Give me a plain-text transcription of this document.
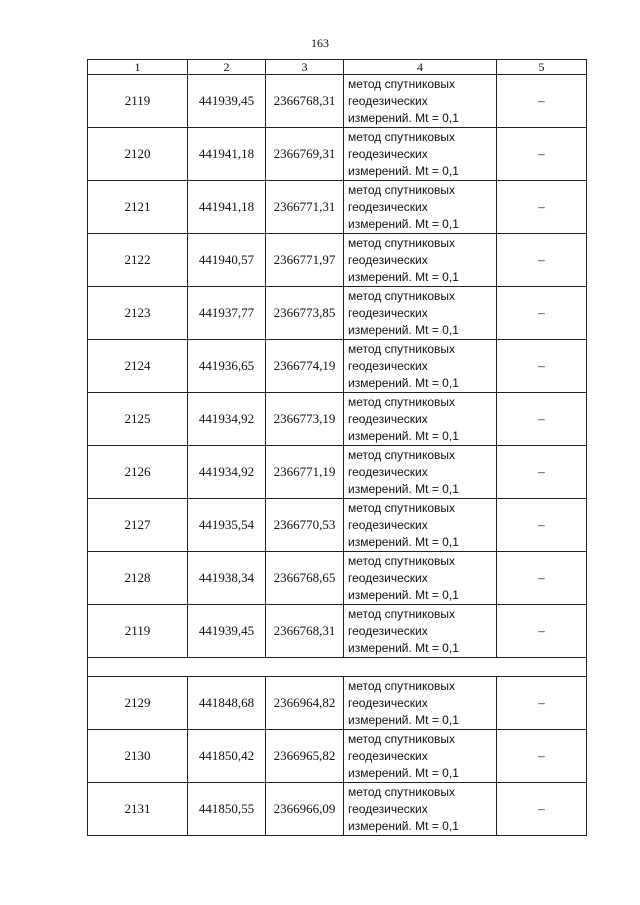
163
1	2	3	4	5
2119	441939,45	2366768,31	метод спутниковых
геодезических
измерений. Mt = 0,1	–
2120	441941,18	2366769,31	метод спутниковых
геодезических
измерений. Mt = 0,1	–
2121	441941,18	2366771,31	метод спутниковых
геодезических
измерений. Mt = 0,1	–
2122	441940,57	2366771,97	метод спутниковых
геодезических
измерений. Mt = 0,1	–
2123	441937,77	2366773,85	метод спутниковых
геодезических
измерений. Mt = 0,1	–
2124	441936,65	2366774,19	метод спутниковых
геодезических
измерений. Mt = 0,1	–
2125	441934,92	2366773,19	метод спутниковых
геодезических
измерений. Mt = 0,1	–
2126	441934,92	2366771,19	метод спутниковых
геодезических
измерений. Mt = 0,1	–
2127	441935,54	2366770,53	метод спутниковых
геодезических
измерений. Mt = 0,1	–
2128	441938,34	2366768,65	метод спутниковых
геодезических
измерений. Mt = 0,1	–
2119	441939,45	2366768,31	метод спутниковых
геодезических
измерений. Mt = 0,1	–

2129	441848,68	2366964,82	метод спутниковых
геодезических
измерений. Mt = 0,1	–
2130	441850,42	2366965,82	метод спутниковых
геодезических
измерений. Mt = 0,1	–
2131	441850,55	2366966,09	метод спутниковых
геодезических
измерений. Mt = 0,1	–
